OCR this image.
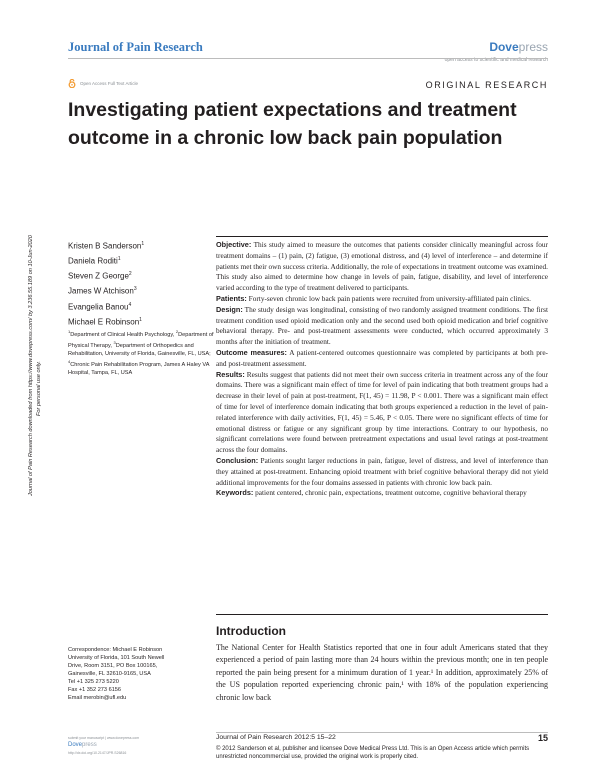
Journal of Pain Research	Dovepress
open access to scientific and medical research
Open Access Full Text Article	ORIGINAL RESEARCH
Investigating patient expectations and treatment outcome in a chronic low back pain population
Journal of Pain Research downloaded from https://www.dovepress.com/ by 3.236.55.189 on 10-Jun-2020 For personal use only.
Kristen B Sanderson$^1$
Daniela Roditi$^1$
Steven Z George$^2$
James W Atchison$^3$
Evangelia Banou$^4$
Michael E Robinson$^1$
$^1$Department of Clinical Health Psychology, $^2$Department of Physical Therapy, $^3$Department of Orthopedics and Rehabilitation, University of Florida, Gainesville, FL, USA; $^4$Chronic Pain Rehabilitation Program, James A Haley VA Hospital, Tampa, FL, USA
Correspondence: Michael E Robinson
University of Florida, 101 South Newell
Drive, Room 3151, PO Box 100165,
Gainesville, FL 32610-9165, USA
Tel +1 325 273 5220
Fax +1 352 273 6156
Email merobin@ufl.edu

Objective: This study aimed to measure the outcomes that patients consider clinically meaningful across four treatment domains – (1) pain, (2) fatigue, (3) emotional distress, and (4) level of interference – and determine if patients met their own success criteria. Additionally, the role of expectations in treatment outcome was examined. This study also aimed to determine how change in levels of pain, fatigue, disability, and level of interference varied according to the type of treatment delivered to participants.

Patients: Forty-seven chronic low back pain patients were recruited from university-affiliated pain clinics.

Design: The study design was longitudinal, consisting of two randomly assigned treatment conditions. The first treatment condition used opioid medication only and the second used both opioid medication and brief cognitive behavioral therapy. Pre- and post-treatment assessments were conducted, which occurred approximately 3 months after the initiation of treatment.

Outcome measures: A patient-centered outcomes questionnaire was completed by participants at both pre- and post-treatment assessment.

Results: Results suggest that patients did not meet their own success criteria in treatment across any of the four domains. There was a significant main effect of time for level of pain indicating that both treatment groups had a decrease in their level of pain at post-treatment, F(1, 45) = 11.98, P < 0.001. There was a significant main effect of time for level of interference domain indicating that both groups experienced a reduction in the level of pain-related interference with daily activities, F(1, 45) = 5.46, P < 0.05. There were no significant effects of time for emotional distress or fatigue or any significant group by time interactions. Contrary to our hypothesis, no significant correlations were found between pretreatment expectations and usual level ratings at post-treatment across the four domains.

Conclusion: Patients sought larger reductions in pain, fatigue, level of distress, and level of interference than they attained at post-treatment. Enhancing opioid treatment with brief cognitive behavioral therapy did not yield additional improvements for the four domains assessed in patients with chronic low back pain.

Keywords: patient centered, chronic pain, expectations, treatment outcome, cognitive behavioral therapy

Introduction

The National Center for Health Statistics reported that one in four adult Americans stated that they experienced a period of pain lasting more than 24 hours within the previous month; one in ten people reported the pain being present for a minimum duration of 1 year.¹ In addition, approximately 25% of the US population reported experiencing chronic pain,¹ with 18% of the population experiencing chronic low back

submit your manuscript | www.dovepress.com
Dovepress
http://dx.doi.org/10.2147/JPR.S26816
Journal of Pain Research 2012:5 15–22	15
© 2012 Sanderson et al, publisher and licensee Dove Medical Press Ltd. This is an Open Access article which permits unrestricted noncommercial use, provided the original work is properly cited.
